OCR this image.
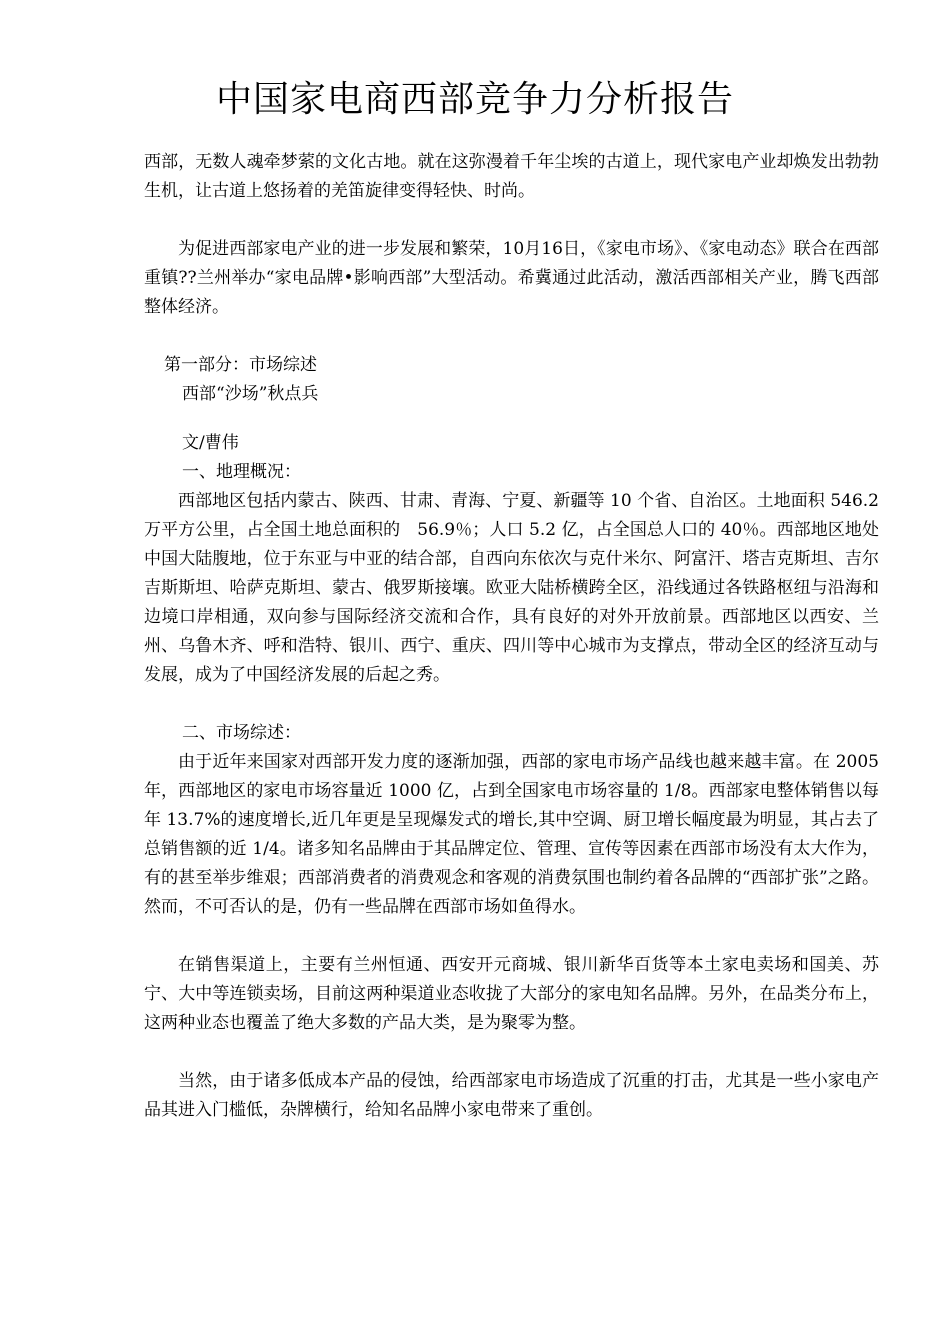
中国家电商西部竞争力分析报告

西部，无数人魂牵梦萦的文化古地。就在这弥漫着千年尘埃的古道上，现代家电产业却焕发出勃勃生机，让古道上悠扬着的羌笛旋律变得轻快、时尚。

为促进西部家电产业的进一步发展和繁荣，10月16日，《家电市场》、《家电动态》联合在西部重镇??兰州举办“家电品牌•影响西部”大型活动。希冀通过此活动，激活西部相关产业，腾飞西部整体经济。

第一部分：市场综述

西部“沙场”秋点兵

文/曹伟

一、地理概况：

西部地区包括内蒙古、陕西、甘肃、青海、宁夏、新疆等 10 个省、自治区。土地面积 546.2 万平方公里，占全国土地总面积的　56.9％；人口 5.2 亿，占全国总人口的 40％。西部地区地处中国大陆腹地，位于东亚与中亚的结合部，自西向东依次与克什米尔、阿富汗、塔吉克斯坦、吉尔吉斯斯坦、哈萨克斯坦、蒙古、俄罗斯接壤。欧亚大陆桥横跨全区，沿线通过各铁路枢纽与沿海和边境口岸相通，双向参与国际经济交流和合作，具有良好的对外开放前景。西部地区以西安、兰州、乌鲁木齐、呼和浩特、银川、西宁、重庆、四川等中心城市为支撑点，带动全区的经济互动与发展，成为了中国经济发展的后起之秀。

二、市场综述：

由于近年来国家对西部开发力度的逐渐加强，西部的家电市场产品线也越来越丰富。在 2005 年，西部地区的家电市场容量近 1000 亿，占到全国家电市场容量的 1/8。西部家电整体销售以每年 13.7%的速度增长,近几年更是呈现爆发式的增长,其中空调、厨卫增长幅度最为明显，其占去了总销售额的近 1/4。诸多知名品牌由于其品牌定位、管理、宣传等因素在西部市场没有太大作为，有的甚至举步维艰；西部消费者的消费观念和客观的消费氛围也制约着各品牌的“西部扩张”之路。然而，不可否认的是，仍有一些品牌在西部市场如鱼得水。

在销售渠道上，主要有兰州恒通、西安开元商城、银川新华百货等本土家电卖场和国美、苏宁、大中等连锁卖场，目前这两种渠道业态收拢了大部分的家电知名品牌。另外，在品类分布上，这两种业态也覆盖了绝大多数的产品大类，是为聚零为整。

当然，由于诸多低成本产品的侵蚀，给西部家电市场造成了沉重的打击，尤其是一些小家电产品其进入门槛低，杂牌横行，给知名品牌小家电带来了重创。
